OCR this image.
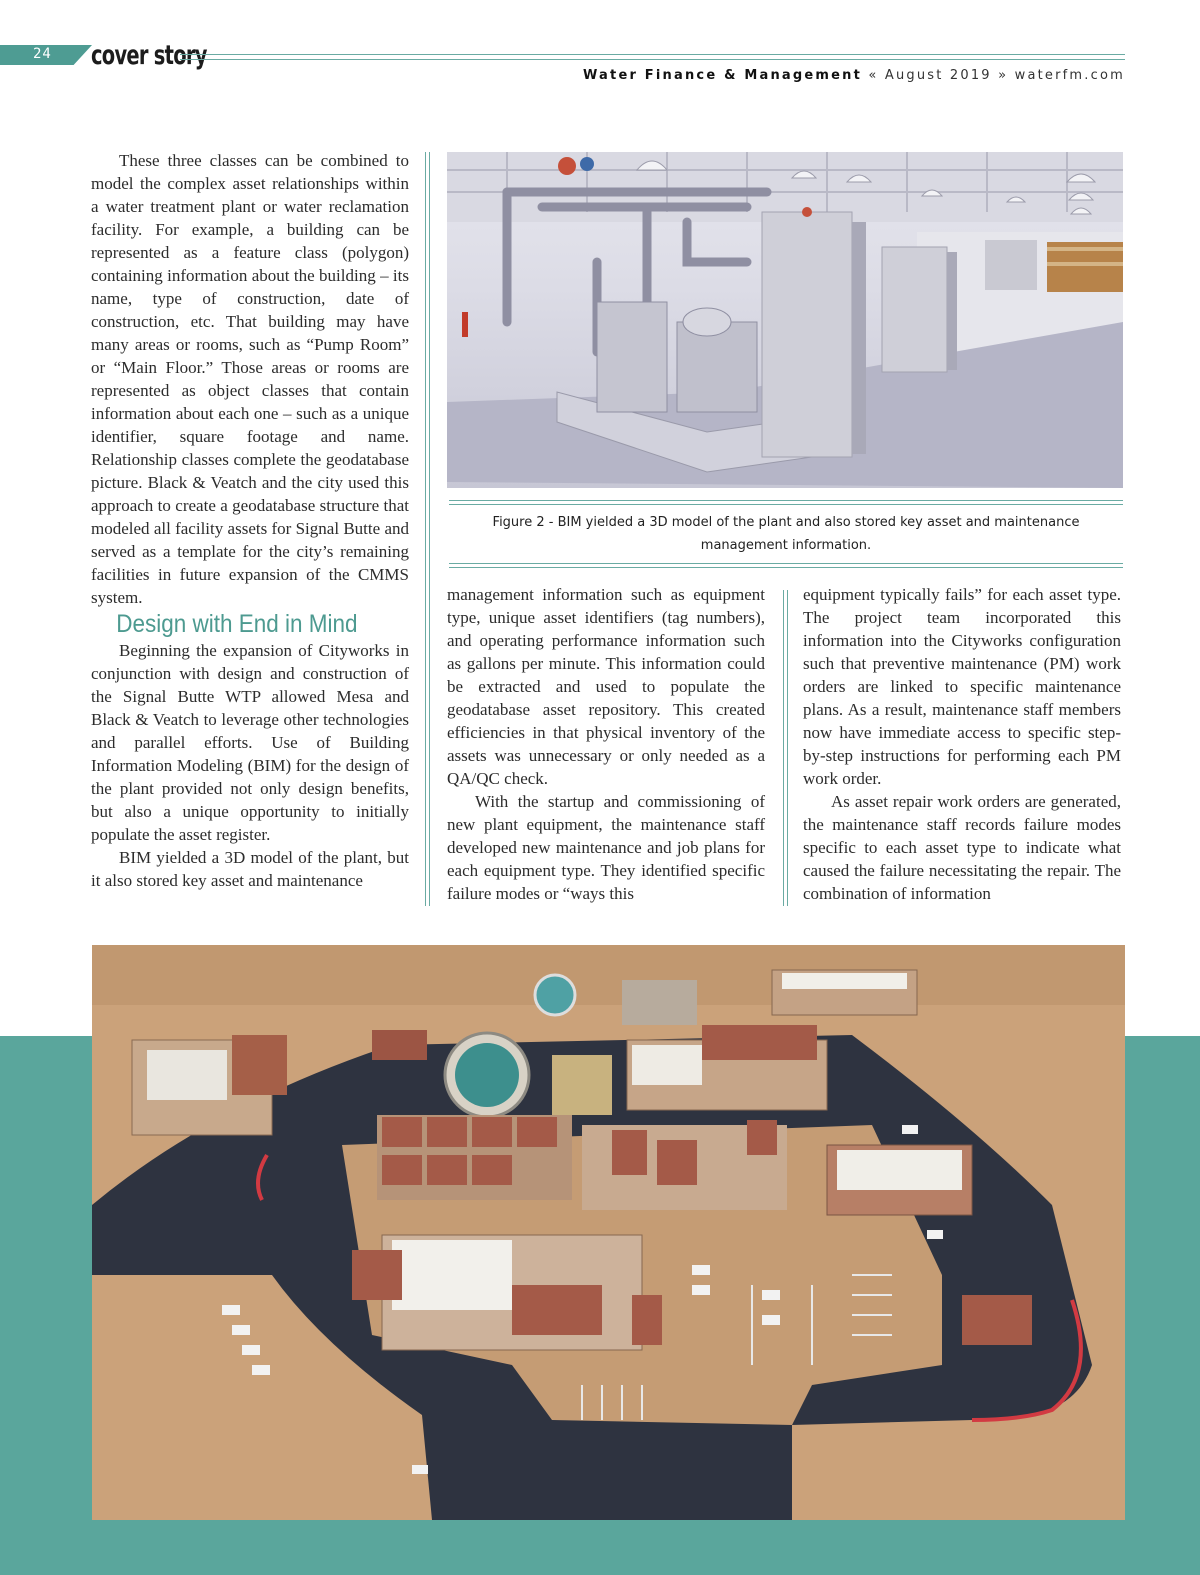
24 cover story
Water Finance & Management « August 2019 » waterfm.com

These three classes can be combined to model the complex asset relationships within a water treatment plant or water reclamation facility. For example, a building can be represented as a feature class (polygon) containing information about the building – its name, type of construction, date of construction, etc. That building may have many areas or rooms, such as “Pump Room” or “Main Floor.” Those areas or rooms are represented as object classes that contain information about each one – such as a unique identifier, square footage and name. Relationship classes complete the geodatabase picture. Black & Veatch and the city used this approach to create a geodatabase structure that modeled all facility assets for Signal Butte and served as a template for the city’s remaining facilities in future expansion of the CMMS system.

Design with End in Mind

Beginning the expansion of Cityworks in conjunction with design and construction of the Signal Butte WTP allowed Mesa and Black & Veatch to leverage other technologies and parallel efforts. Use of Building Information Modeling (BIM) for the design of the plant provided not only design benefits, but also a unique opportunity to initially populate the asset register.

BIM yielded a 3D model of the plant, but it also stored key asset and maintenance

Figure 2 - BIM yielded a 3D model of the plant and also stored key asset and maintenance management information.

management information such as equipment type, unique asset identifiers (tag numbers), and operating performance information such as gallons per minute. This information could be extracted and used to populate the geodatabase asset repository. This created efficiencies in that physical inventory of the assets was unnecessary or only needed as a QA/QC check.

With the startup and commissioning of new plant equipment, the maintenance staff developed new maintenance and job plans for each equipment type. They identified specific failure modes or “ways this

equipment typically fails” for each asset type. The project team incorporated this information into the Cityworks configuration such that preventive maintenance (PM) work orders are linked to specific maintenance plans. As a result, maintenance staff members now have immediate access to specific step-by-step instructions for performing each PM work order.

As asset repair work orders are generated, the maintenance staff records failure modes specific to each asset type to indicate what caused the failure necessitating the repair. The combination of information
